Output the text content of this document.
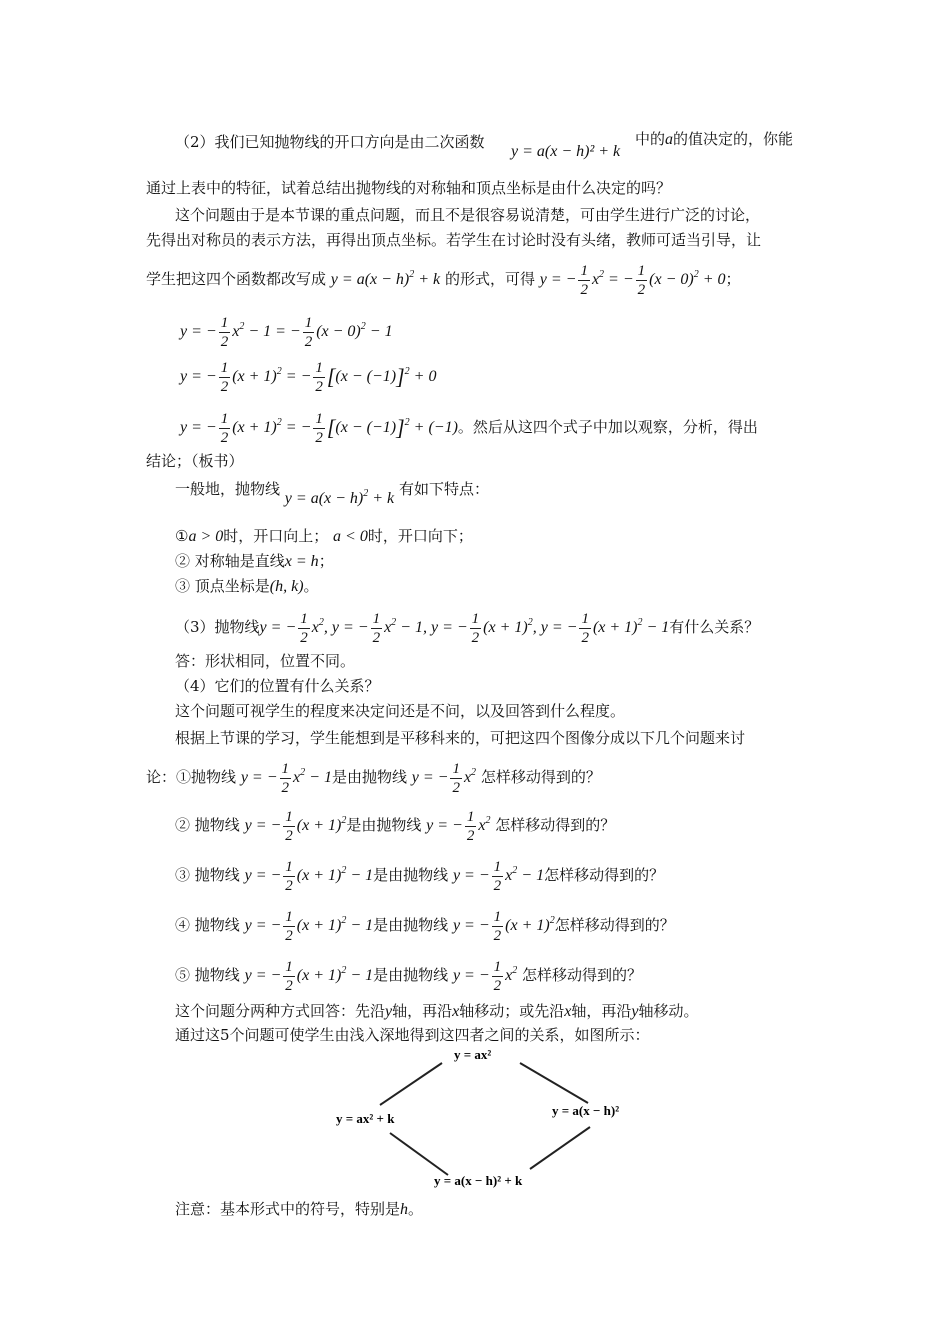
（2）我们已知抛物线的开口方向是由二次函数
y = a(x − h)² + k
中的a的值决定的，你能
通过上表中的特征，试着总结出抛物线的对称轴和顶点坐标是由什么决定的吗？
这个问题由于是本节课的重点问题，而且不是很容易说清楚，可由学生进行广泛的讨论，
先得出对称员的表示方法，再得出顶点坐标。若学生在讨论时没有头绪，教师可适当引导，让
学生把这四个函数都改写成 $y = a(x - h)^2 + k$ 的形式，可得 y = − $\frac{1}{2} x^2$ = − $\frac{1}{2} (x - 0)^2 + 0$；
y = − $\frac{1}{2} x^2 - 1$ = − $\frac{1}{2} (x - 0)^2 - 1$
y = − $\frac{1}{2} (x + 1)^2$ = − $\frac{1}{2} [(x - (-1)]^2 + 0$
y = − $\frac{1}{2} (x + 1)^2$ = − $\frac{1}{2} [(x - (-1)]^2 + (-1)$。然后从这四个式子中加以观察，分析，得出
结论；（板书）
一般地，抛物线 $y = a(x - h)^2 + k$ 有如下特点：
①a > 0时，开口向上； a < 0时，开口向下；
② 对称轴是直线x = h；
③ 顶点坐标是(h, k)。
（3）抛物线y = − $\frac{1}{2} x^2$, y = − $\frac{1}{2} x^2 - 1$, y = − $\frac{1}{2} (x + 1)^2$, y = − $\frac{1}{2} (x + 1)^2 - 1$有什么关系？
答：形状相同，位置不同。
（4）它们的位置有什么关系？
这个问题可视学生的程度来决定问还是不问，以及回答到什么程度。
根据上节课的学习，学生能想到是平移科来的，可把这四个图像分成以下几个问题来讨
论：①抛物线 y = − $\frac{1}{2} x^2 - 1$是由抛物线 y = − $\frac{1}{2} x^2$ 怎样移动得到的？
② 抛物线 y = − $\frac{1}{2} (x + 1)^2$是由抛物线 y = − $\frac{1}{2} x^2$ 怎样移动得到的？
③ 抛物线 y = − $\frac{1}{2} (x + 1)^2 - 1$是由抛物线 y = − $\frac{1}{2} x^2 - 1$怎样移动得到的？
④ 抛物线 y = − $\frac{1}{2} (x + 1)^2 - 1$是由抛物线 y = − $\frac{1}{2} (x + 1)^2$怎样移动得到的？
⑤ 抛物线 y = − $\frac{1}{2} (x + 1)^2 - 1$是由抛物线 y = − $\frac{1}{2} x^2$ 怎样移动得到的？
这个问题分两种方式回答：先沿y轴，再沿x轴移动；或先沿x轴，再沿y轴移动。
通过这5个问题可使学生由浅入深地得到这四者之间的关系，如图所示：
y = ax²
y = ax² + k
y = a(x − h)²
y = a(x − h)² + k
注意：基本形式中的符号，特别是h。
